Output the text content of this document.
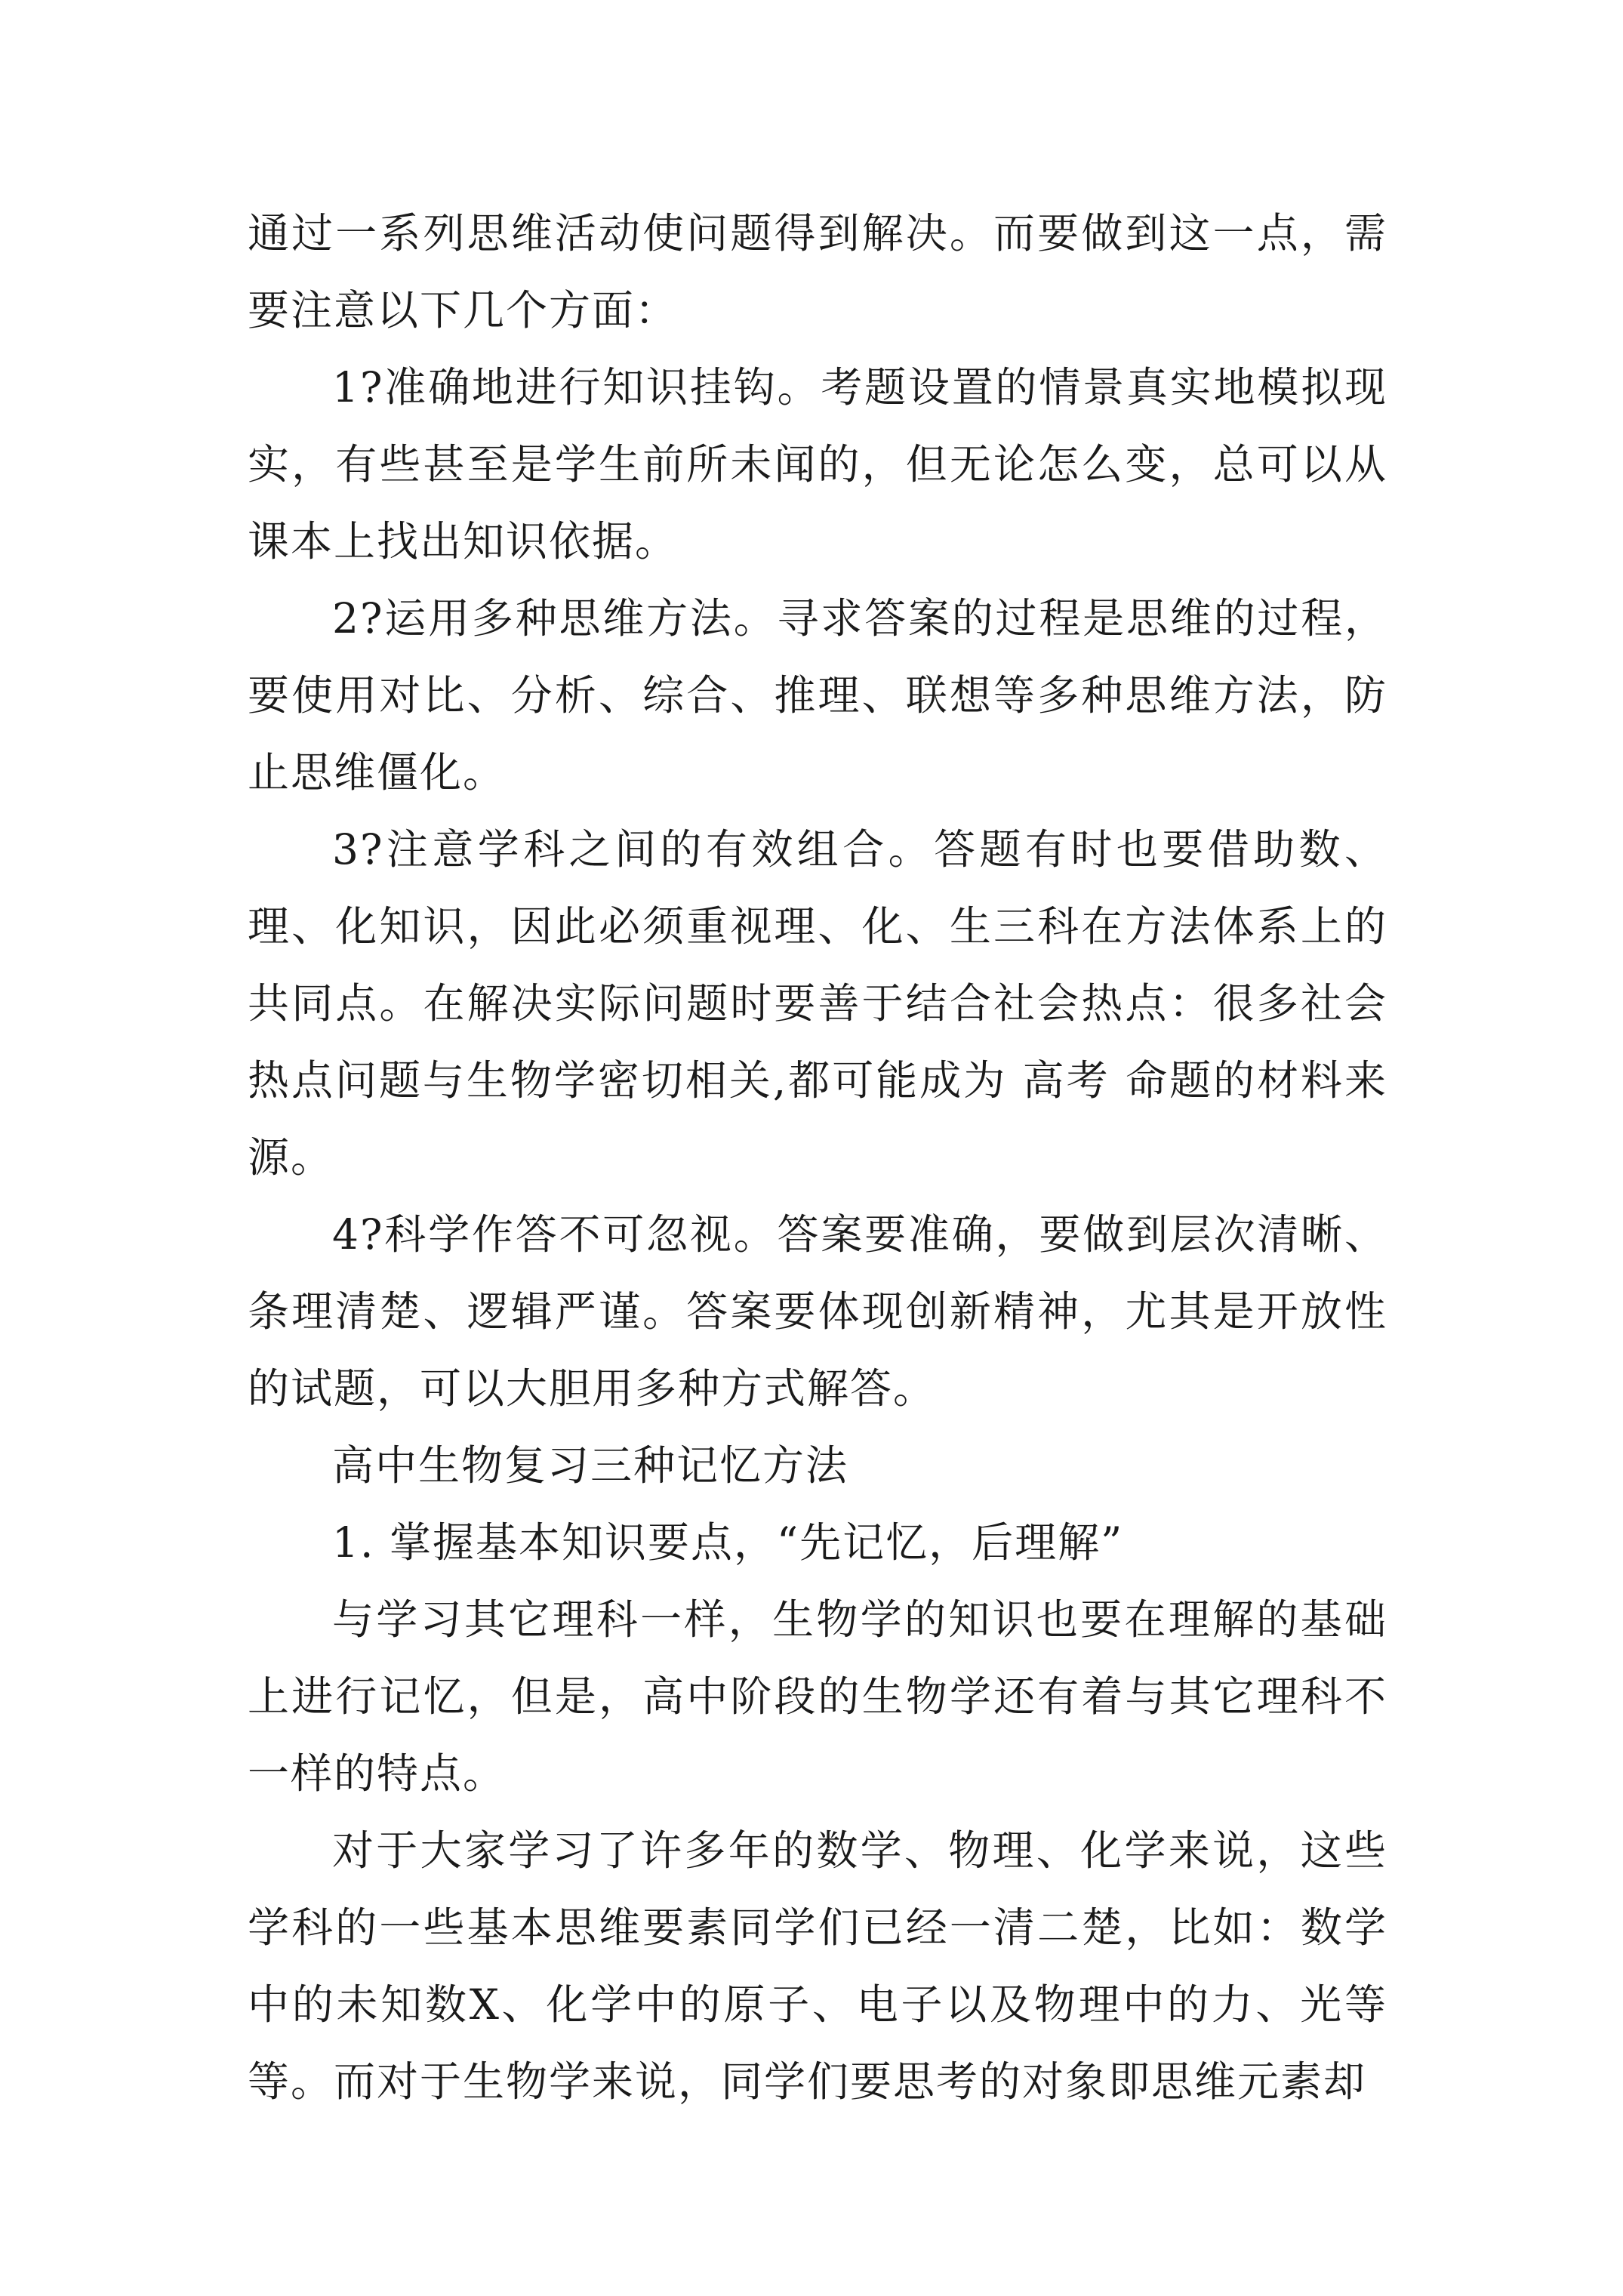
通过一系列思维活动使问题得到解决。而要做到这一点，需要注意以下几个方面：

1?准确地进行知识挂钩。考题设置的情景真实地模拟现实，有些甚至是学生前所未闻的，但无论怎么变，总可以从课本上找出知识依据。

2?运用多种思维方法。寻求答案的过程是思维的过程，要使用对比、分析、综合、推理、联想等多种思维方法，防止思维僵化。

3?注意学科之间的有效组合。答题有时也要借助数、理、化知识，因此必须重视理、化、生三科在方法体系上的共同点。在解决实际问题时要善于结合社会热点：很多社会热点问题与生物学密切相关,都可能成为 高考 命题的材料来源。

4?科学作答不可忽视。答案要准确，要做到层次清晰、条理清楚、逻辑严谨。答案要体现创新精神，尤其是开放性的试题，可以大胆用多种方式解答。

高中生物复习三种记忆方法

1. 掌握基本知识要点，“先记忆，后理解”

与学习其它理科一样，生物学的知识也要在理解的基础上进行记忆，但是，高中阶段的生物学还有着与其它理科不一样的特点。

对于大家学习了许多年的数学、物理、化学来说，这些学科的一些基本思维要素同学们已经一清二楚，比如：数学中的未知数X、化学中的原子、电子以及物理中的力、光等等。而对于生物学来说，同学们要思考的对象即思维元素却
